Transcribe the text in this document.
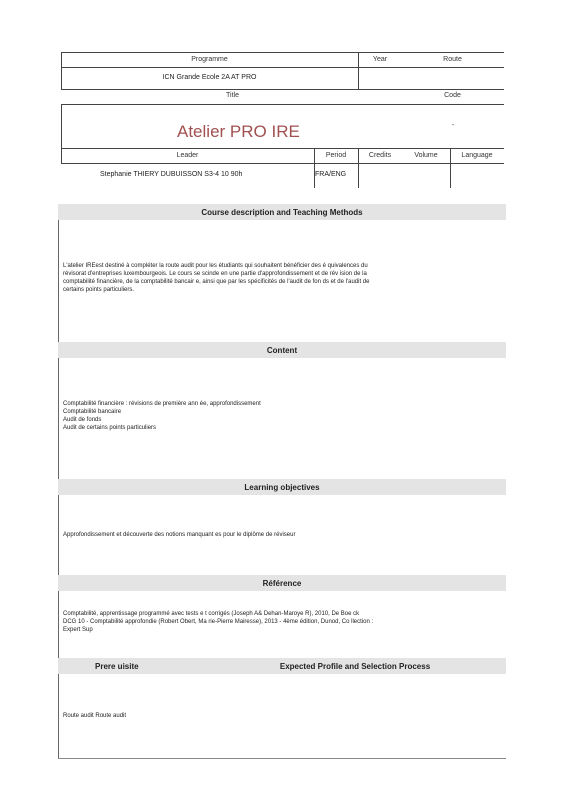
Programme	Year	Route
ICN Grande Ecole 2A AT PRO
Title	Code
Atelier PRO IRE	-
Leader	Period	Credits	Volume	Language
Stephanie THIERY DUBUISSON S3-4 10 90h	FRA/ENG
Course description and Teaching Methods
L'atelier IREest destiné à compléter la route audit pour les étudiants qui souhaitent bénéficier des é quivalences du
révisorat d'entreprises luxembourgeois. Le cours se scinde en une partie d'approfondissement et de rév ision de la
comptabilité financière, de la comptabilité bancair e, ainsi que par les spécificités de l'audit de fon ds et de l'audit de
certains points particuliers.
Content
Comptabilité financière : révisions de première ann ée, approfondissement
Comptabilité bancaire
Audit de fonds
Audit de certains points particuliers
Learning objectives
Approfondissement et découverte des notions manquant es pour le diplôme de réviseur
Référence
Comptabilité, apprentissage programmé avec tests e t corrigés (Joseph A& Dehan-Maroye R), 2010, De Boe ck
DCG 10 - Comptabilité approfondie (Robert Obert, Ma rie-Pierre Mairesse), 2013 - 4ème édition, Dunod, Co llection :
Expert Sup
Prere uisite	Expected Profile and Selection Process
Route audit Route audit
